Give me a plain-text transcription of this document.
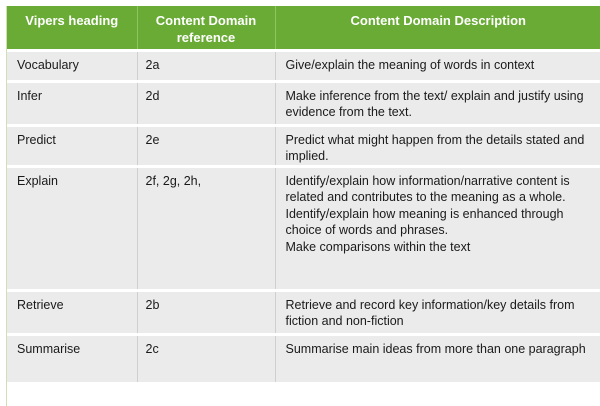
Vipers heading	Content Domain reference	Content Domain Description
Vocabulary	2a	Give/explain the meaning of words in context

Infer	2d	Make inference from the text/ explain and justify using evidence from the text.

Predict	2e	Predict what might happen from the details stated and implied.

Explain	2f, 2g, 2h,	Identify/explain how information/narrative content is related and contributes to the meaning as a whole.
Identify/explain how meaning is enhanced through choice of words and phrases.
Make comparisons within the text

Retrieve	2b	Retrieve and record key information/key details from fiction and non-fiction

Summarise	2c	Summarise main ideas from more than one paragraph
